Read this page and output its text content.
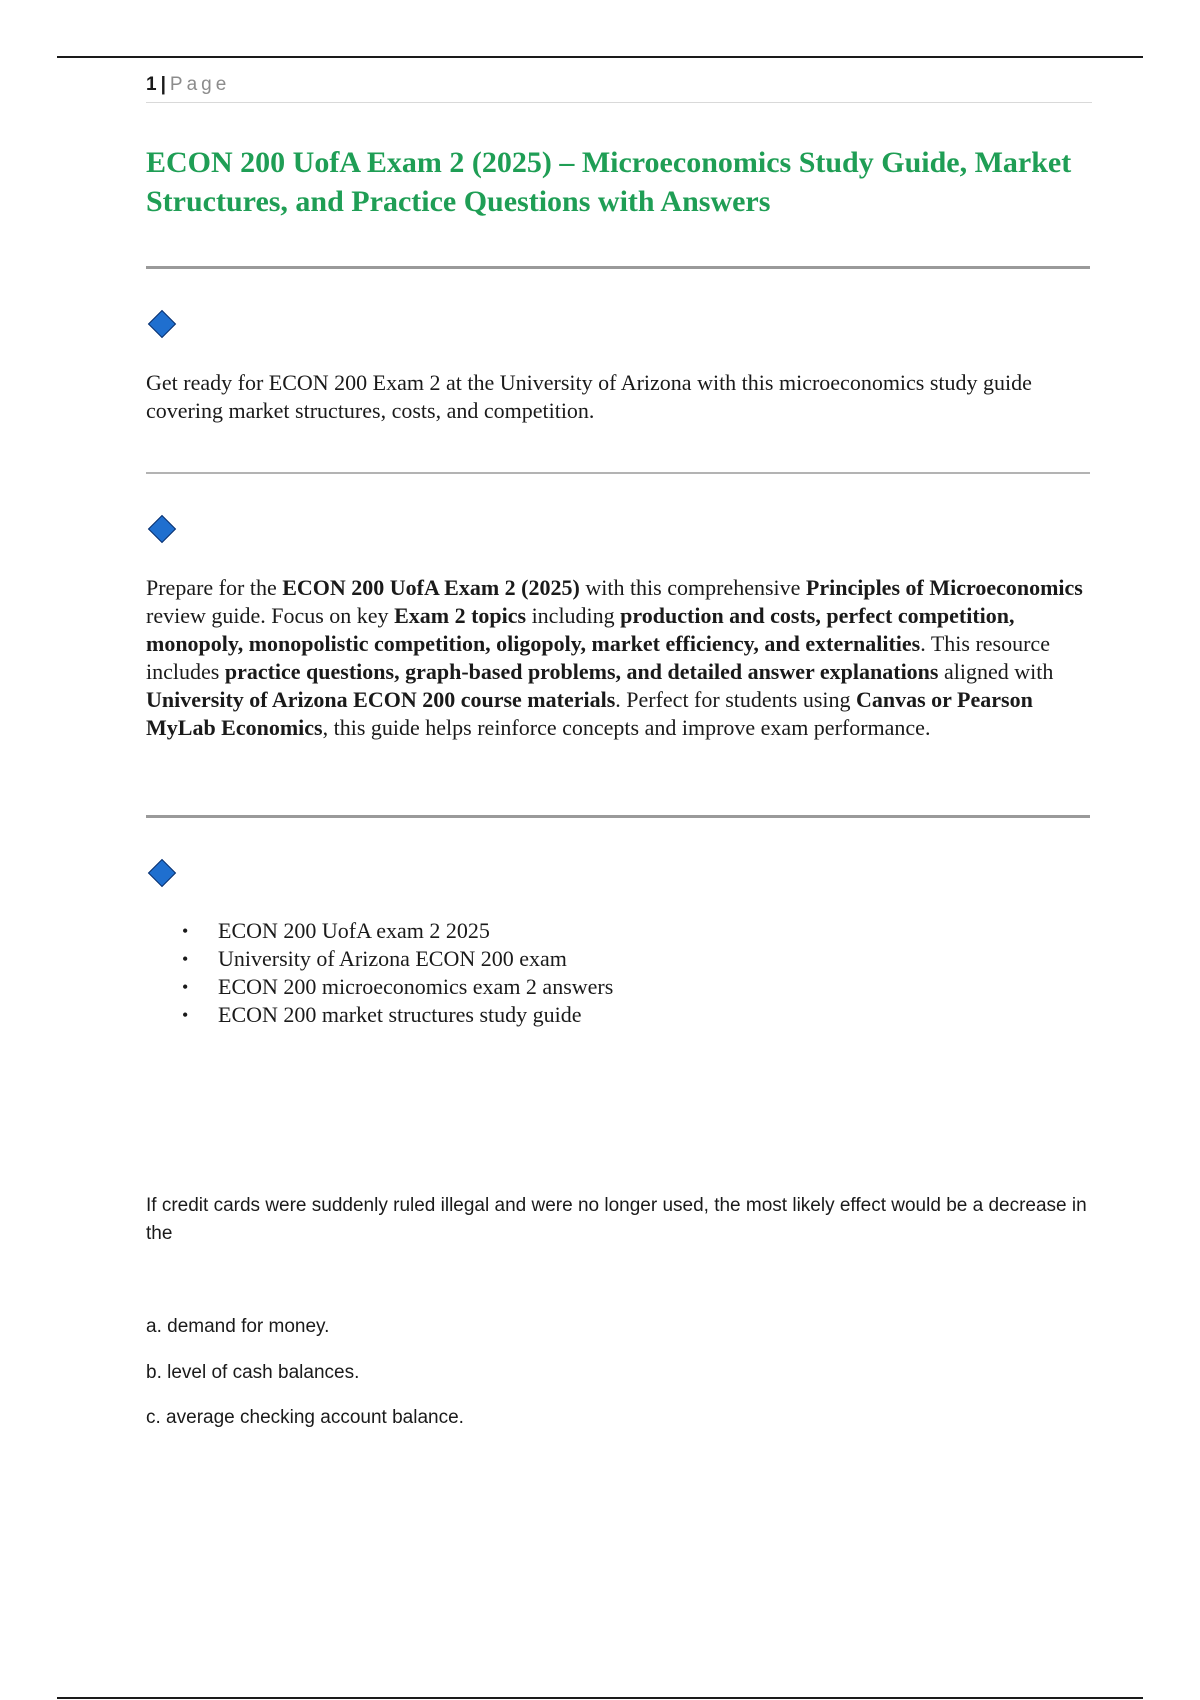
1 | Page
ECON 200 UofA Exam 2 (2025) – Microeconomics Study Guide, Market Structures, and Practice Questions with Answers

Get ready for ECON 200 Exam 2 at the University of Arizona with this microeconomics study guide covering market structures, costs, and competition.

Prepare for the ECON 200 UofA Exam 2 (2025) with this comprehensive Principles of Microeconomics review guide. Focus on key Exam 2 topics including production and costs, perfect competition, monopoly, monopolistic competition, oligopoly, market efficiency, and externalities. This resource includes practice questions, graph-based problems, and detailed answer explanations aligned with University of Arizona ECON 200 course materials. Perfect for students using Canvas or Pearson MyLab Economics, this guide helps reinforce concepts and improve exam performance.

• ECON 200 UofA exam 2 2025
• University of Arizona ECON 200 exam
• ECON 200 microeconomics exam 2 answers
• ECON 200 market structures study guide

If credit cards were suddenly ruled illegal and were no longer used, the most likely effect would be a decrease in the

a. demand for money.

b. level of cash balances.

c. average checking account balance.
